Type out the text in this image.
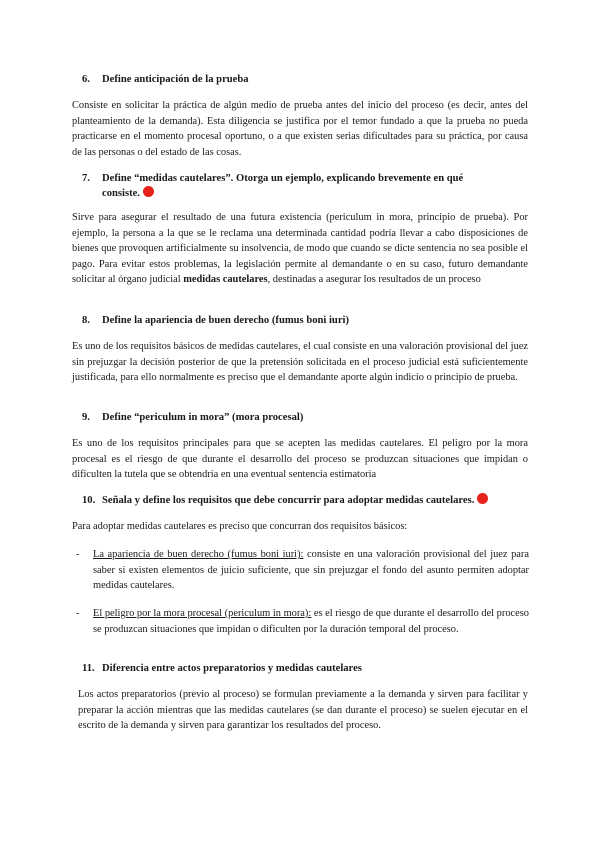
6. Define anticipación de la prueba
Consiste en solicitar la práctica de algún medio de prueba antes del inicio del proceso (es decir, antes del planteamiento de la demanda). Esta diligencia se justifica por el temor fundado a que la prueba no pueda practicarse en el momento procesal oportuno, o a que existen serias dificultades para su práctica, por causa de las personas o del estado de las cosas.
7.	Define “medidas cautelares”. Otorga un ejemplo, explicando brevemente en qué consiste.
Sirve para asegurar el resultado de una futura existencia (periculum in mora, principio de prueba). Por ejemplo, la persona a la que se le reclama una determinada cantidad podría llevar a cabo disposiciones de bienes que provoquen artificialmente su insolvencia, de modo que cuando se dicte sentencia no sea posible el pago. Para evitar estos problemas, la legislación permite al demandante o en su caso, futuro demandante solicitar al órgano judicial medidas cautelares, destinadas a asegurar los resultados de un proceso
8. Define la apariencia de buen derecho (fumus boni iuri)
Es uno de los requisitos básicos de medidas cautelares, el cual consiste en una valoración provisional del juez sin prejuzgar la decisión posterior de que la pretensión solicitada en el proceso judicial está suficientemente justificada, para ello normalmente es preciso que el demandante aporte algún indicio o principio de prueba.
9. Define “periculum in mora” (mora procesal)
Es uno de los requisitos principales para que se acepten las medidas cautelares. El peligro por la mora procesal es el riesgo de que durante el desarrollo del proceso se produzcan situaciones que impidan o dificulten la tutela que se obtendría en una eventual sentencia estimatoria
10. Señala y define los requisitos que debe concurrir para adoptar medidas cautelares.
Para adoptar medidas cautelares es preciso que concurran dos requisitos básicos:
- La apariencia de buen derecho (fumus boni iuri): consiste en una valoración provisional del juez para saber si existen elementos de juicio suficiente, que sin prejuzgar el fondo del asunto permiten adoptar medidas cautelares.
- El peligro por la mora procesal (periculum in mora): es el riesgo de que durante el desarrollo del proceso se produzcan situaciones que impidan o dificulten por la duración temporal del proceso.
11. Diferencia entre actos preparatorios y medidas cautelares
Los actos preparatorios (previo al proceso) se formulan previamente a la demanda y sirven para facilitar y preparar la acción mientras que las medidas cautelares (se dan durante el proceso) se suelen ejecutar en el escrito de la demanda y sirven para garantizar los resultados del proceso.
